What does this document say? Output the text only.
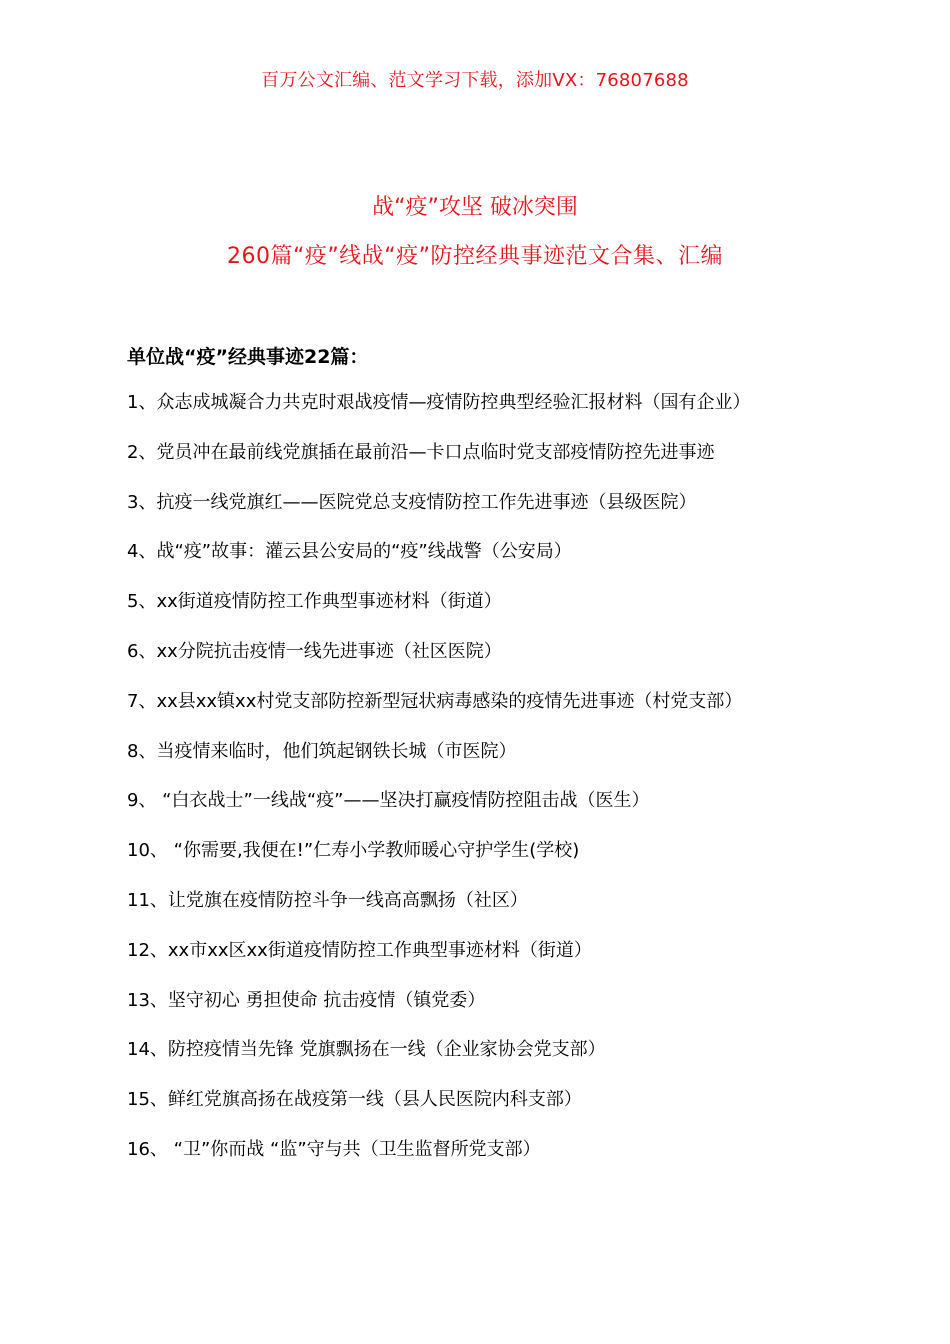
百万公文汇编、范文学习下载，添加VX：76807688
战“疫”攻坚 破冰突围
260篇“疫”线战“疫”防控经典事迹范文合集、汇编
单位战“疫”经典事迹22篇：
1、众志成城凝合力共克时艰战疫情—疫情防控典型经验汇报材料（国有企业）
2、党员冲在最前线党旗插在最前沿—卡口点临时党支部疫情防控先进事迹
3、抗疫一线党旗红——医院党总支疫情防控工作先进事迹（县级医院）
4、战“疫”故事：灌云县公安局的“疫”线战警（公安局）
5、xx街道疫情防控工作典型事迹材料（街道）
6、xx分院抗击疫情一线先进事迹（社区医院）
7、xx县xx镇xx村党支部防控新型冠状病毒感染的疫情先进事迹（村党支部）
8、当疫情来临时，他们筑起钢铁长城（市医院）
9、 “白衣战士”一线战“疫”——坚决打赢疫情防控阻击战（医生）
10、 “你需要,我便在!”仁寿小学教师暖心守护学生(学校)
11、让党旗在疫情防控斗争一线高高飘扬（社区）
12、xx市xx区xx街道疫情防控工作典型事迹材料（街道）
13、坚守初心 勇担使命 抗击疫情（镇党委）
14、防控疫情当先锋 党旗飘扬在一线（企业家协会党支部）
15、鲜红党旗高扬在战疫第一线（县人民医院内科支部）
16、 “卫”你而战 “监”守与共（卫生监督所党支部）
